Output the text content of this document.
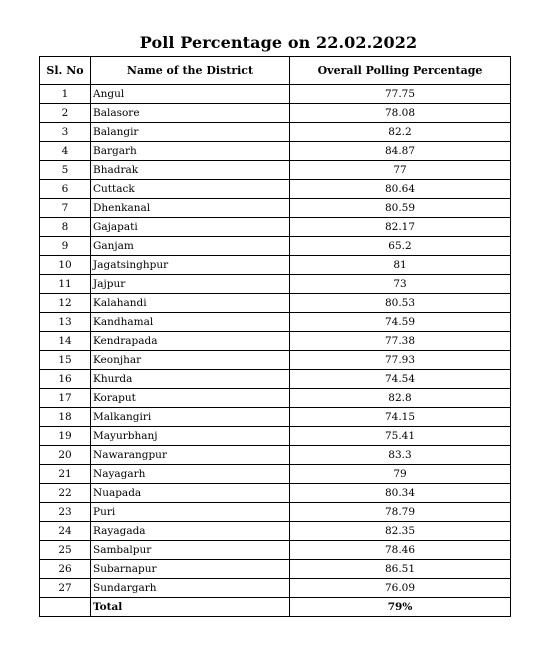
Poll Percentage on 22.02.2022
Sl. No	Name of the District	Overall Polling Percentage
1	Angul	77.75
2	Balasore	78.08
3	Balangir	82.2
4	Bargarh	84.87
5	Bhadrak	77
6	Cuttack	80.64
7	Dhenkanal	80.59
8	Gajapati	82.17
9	Ganjam	65.2
10	Jagatsinghpur	81
11	Jajpur	73
12	Kalahandi	80.53
13	Kandhamal	74.59
14	Kendrapada	77.38
15	Keonjhar	77.93
16	Khurda	74.54
17	Koraput	82.8
18	Malkangiri	74.15
19	Mayurbhanj	75.41
20	Nawarangpur	83.3
21	Nayagarh	79
22	Nuapada	80.34
23	Puri	78.79
24	Rayagada	82.35
25	Sambalpur	78.46
26	Subarnapur	86.51
27	Sundargarh	76.09
	Total	79%
